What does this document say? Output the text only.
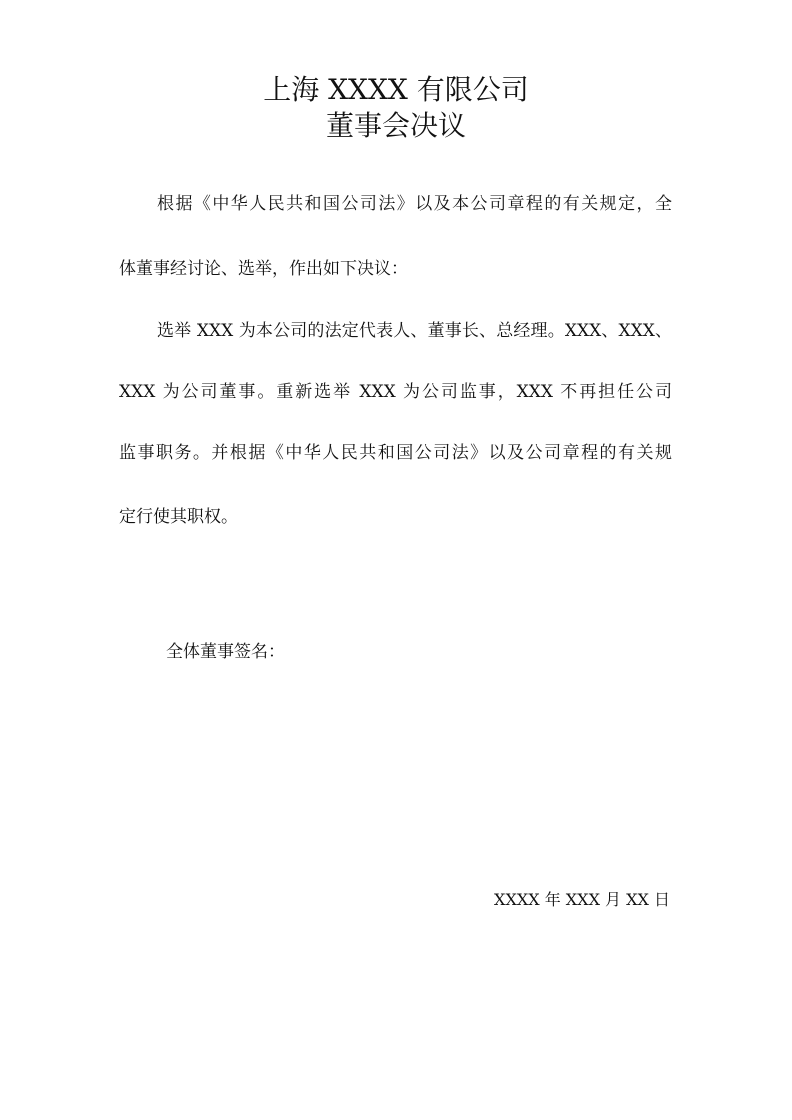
上海 XXXX 有限公司
董事会决议
根据《中华人民共和国公司法》以及本公司章程的有关规定，全
体董事经讨论、选举，作出如下决议：
选举 XXX 为本公司的法定代表人、董事长、总经理。XXX、XXX、
XXX 为公司董事。重新选举 XXX 为公司监事，XXX 不再担任公司
监事职务。并根据《中华人民共和国公司法》以及公司章程的有关规
定行使其职权。
全体董事签名：
XXXX 年 XXX 月 XX 日
